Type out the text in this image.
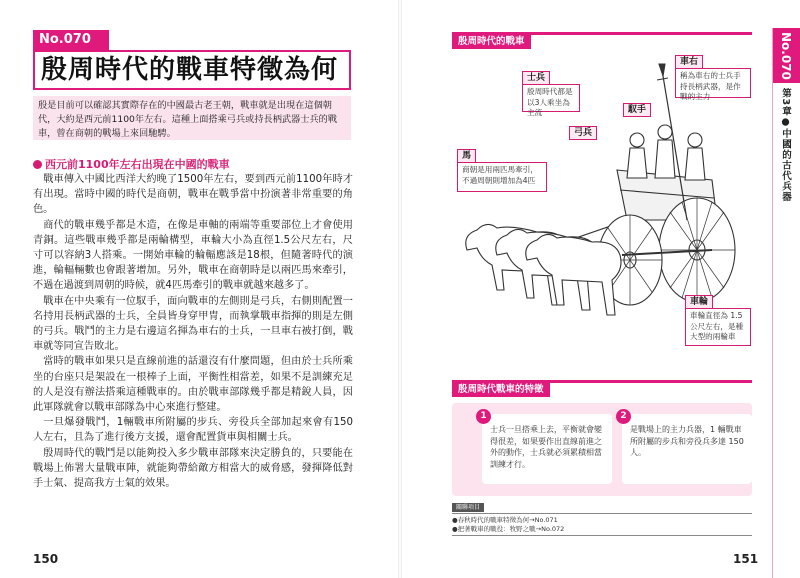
No.070
殷周時代的戰車特徵為何
殷是目前可以確認其實際存在的中國最古老王朝，戰車就是出現在這個朝代，大約是西元前1100年左右。這種上面搭乘弓兵或持長柄武器士兵的戰車，曾在商朝的戰場上來回馳騁。
西元前1100年左右出現在中國的戰車

戰車傳入中國比西洋大約晚了1500年左右，要到西元前1100年時才有出現。當時中國的時代是商朝，戰車在戰爭當中扮演著非常重要的角色。

商代的戰車幾乎都是木造，在像是車軸的兩端等重要部位上才會使用青銅。這些戰車幾乎都是兩輪構型，車輪大小為直徑1.5公尺左右，尺寸可以容納3人搭乘。一開始車輪的輪輻應該是18根，但隨著時代的演進，輪輻輛數也會跟著增加。另外，戰車在商朝時是以兩匹馬來牽引，不過在過渡到周朝的時候，就4匹馬牽引的戰車就越來越多了。

戰車在中央乘有一位馭手，面向戰車的左側則是弓兵，右側則配置一名持用長柄武器的士兵，全員皆身穿甲冑，而執掌戰車指揮的則是左側的弓兵。戰鬥的主力是右邊這名揮為車右的士兵，一旦車右被打倒，戰車就等同宣告敗北。

當時的戰車如果只是直線前進的話還沒有什麼問題，但由於士兵所乘坐的台座只是架設在一根棒子上面，平衡性相當差，如果不是訓練充足的人是沒有辦法搭乘這種戰車的。由於戰車部隊幾乎都是精銳人員，因此軍隊就會以戰車部隊為中心來進行整建。

一旦爆發戰鬥，1輛戰車所附屬的步兵、旁役兵全部加起來會有150人左右，且為了進行後方支援，還會配置貨車與相關士兵。

殷周時代的戰鬥是以能夠投入多少戰車部隊來決定勝負的，只要能在戰場上佈署大量戰車陣，就能夠帶給敵方相當大的威脅感，發揮降低對手士氣、提高我方士氣的效果。

150
殷周時代的戰車
士兵
殷周時代都是以3人乘坐為主流
車右
稱為車右的士兵手持長柄武器，是作戰的主力
馭手
弓兵
馬
商朝是用兩匹馬牽引，不過周朝則增加為4匹
車輪
車輪直徑為 1.5 公尺左右，是種大型的兩輪車
殷周時代戰車的特徵
士兵一旦搭乘上去，平衡就會變得很差，如果要作出直線前進之外的動作，士兵就必須累積相當訓練才行。
1
是戰場上的主力兵器，1 輛戰車所附屬的步兵和旁役兵多達 150 人。
2
關聯項目
●春秋時代的戰車特徵為何→No.071
●把著戰車的戰役：牧野之戰→No.072
151
No.070
第3章●中國的古代兵器
